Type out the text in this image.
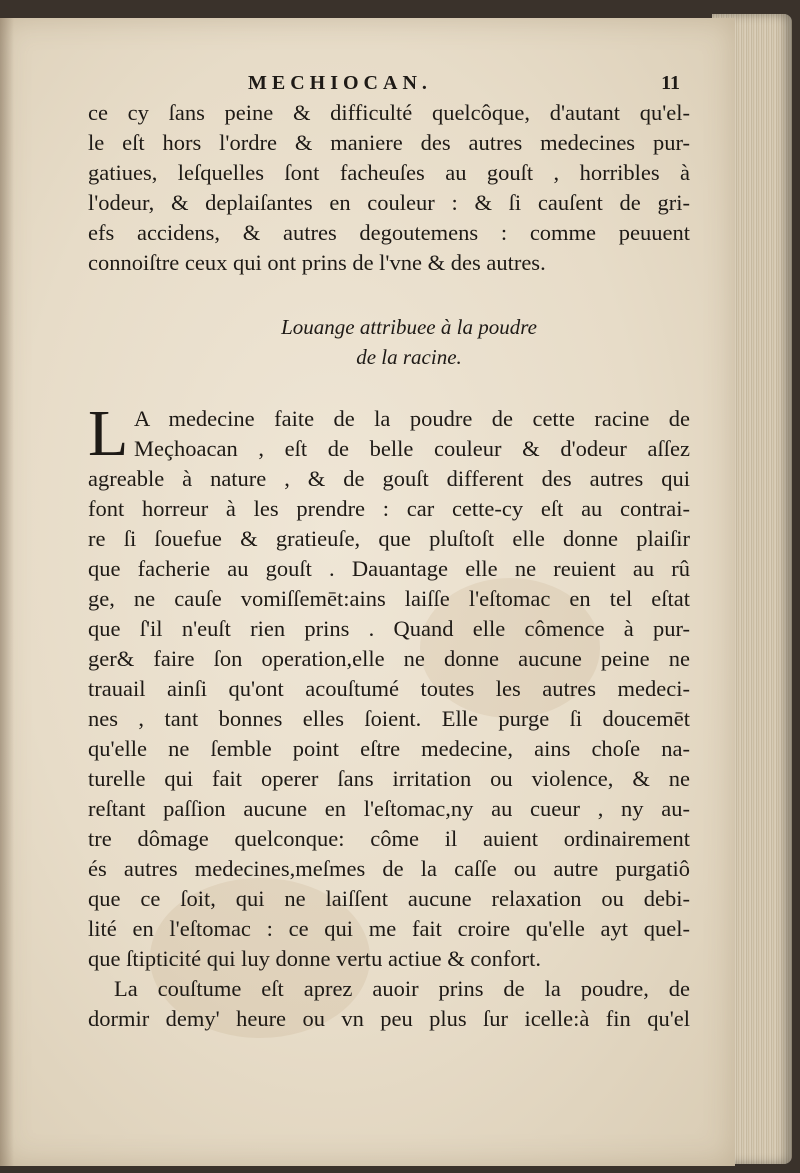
MECHIOCAN.	11
ce cy ſans peine & difficulté quelcôque, d'autant qu'el-
le eſt hors l'ordre & maniere des autres medecines pur-
gatiues, leſquelles ſont facheuſes au gouſt , horribles à
l'odeur, & deplaiſantes en couleur : & ſi cauſent de gri-
efs accidens, & autres degoutemens : comme peuuent
connoiſtre ceux qui ont prins de l'vne & des autres.
Louange attribuee à la poudre
de la racine.
L A medecine faite de la poudre de cette racine de
Meçhoacan , eſt de belle couleur & d'odeur aſſez
agreable à nature , & de gouſt different des autres qui
font horreur à les prendre : car cette-cy eſt au contrai-
re ſi ſouefue & gratieuſe, que pluſtoſt elle donne plaiſir
que facherie au gouſt . Dauantage elle ne reuient au rû
ge, ne cauſe vomiſſemēt:ains laiſſe l'eſtomac en tel eſtat
que ſ'il n'euſt rien prins . Quand elle cômence à pur-
ger& faire ſon operation,elle ne donne aucune peine ne
trauail ainſi qu'ont acouſtumé toutes les autres medeci-
nes , tant bonnes elles ſoient. Elle purge ſi doucemēt
qu'elle ne ſemble point eſtre medecine, ains choſe na-
turelle qui fait operer ſans irritation ou violence, & ne
reſtant paſſion aucune en l'eſtomac,ny au cueur , ny au-
tre dômage quelconque: côme il auient ordinairement
és autres medecines,meſmes de la caſſe ou autre purgatiô
que ce ſoit, qui ne laiſſent aucune relaxation ou debi-
lité en l'eſtomac : ce qui me fait croire qu'elle ayt quel-
que ſtipticité qui luy donne vertu actiue & confort.
La couſtume eſt aprez auoir prins de la poudre, de
dormir demy' heure ou vn peu plus ſur icelle:à fin qu'el
